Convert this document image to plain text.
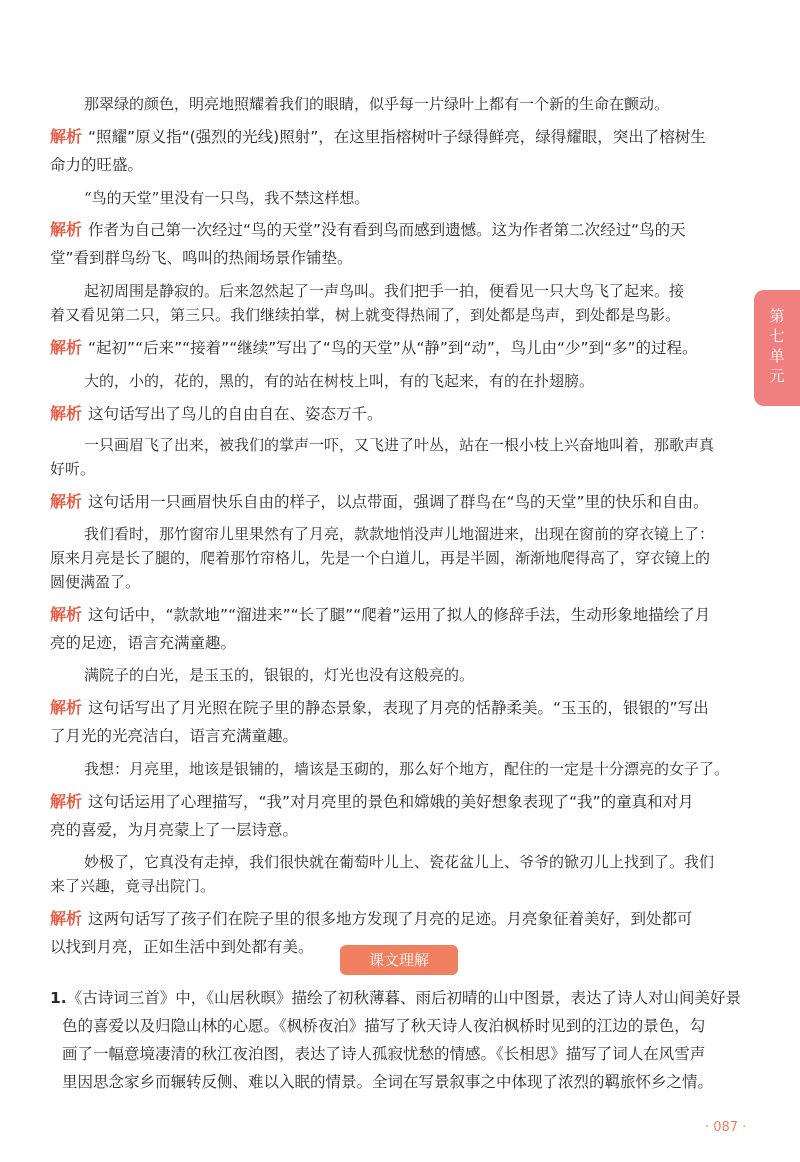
那翠绿的颜色，明亮地照耀着我们的眼睛，似乎每一片绿叶上都有一个新的生命在颤动。
解析 “照耀”原义指“(强烈的光线)照射”，在这里指榕树叶子绿得鲜亮，绿得耀眼，突出了榕树生
命力的旺盛。
“鸟的天堂”里没有一只鸟，我不禁这样想。
解析 作者为自己第一次经过“鸟的天堂”没有看到鸟而感到遗憾。这为作者第二次经过“鸟的天
堂”看到群鸟纷飞、鸣叫的热闹场景作铺垫。
起初周围是静寂的。后来忽然起了一声鸟叫。我们把手一拍，便看见一只大鸟飞了起来。接
着又看见第二只，第三只。我们继续拍掌，树上就变得热闹了，到处都是鸟声，到处都是鸟影。
解析 “起初”“后来”“接着”“继续”写出了“鸟的天堂”从“静”到“动”，鸟儿由“少”到“多”的过程。
大的，小的，花的，黑的，有的站在树枝上叫，有的飞起来，有的在扑翅膀。
解析 这句话写出了鸟儿的自由自在、姿态万千。
一只画眉飞了出来，被我们的掌声一吓，又飞进了叶丛，站在一根小枝上兴奋地叫着，那歌声真
好听。
解析 这句话用一只画眉快乐自由的样子，以点带面，强调了群鸟在“鸟的天堂”里的快乐和自由。
我们看时，那竹窗帘儿里果然有了月亮，款款地悄没声儿地溜进来，出现在窗前的穿衣镜上了：
原来月亮是长了腿的，爬着那竹帘格儿，先是一个白道儿，再是半圆，渐渐地爬得高了，穿衣镜上的
圆便满盈了。
解析 这句话中，“款款地”“溜进来”“长了腿”“爬着”运用了拟人的修辞手法，生动形象地描绘了月
亮的足迹，语言充满童趣。
满院子的白光，是玉玉的，银银的，灯光也没有这般亮的。
解析 这句话写出了月光照在院子里的静态景象，表现了月亮的恬静柔美。“玉玉的，银银的”写出
了月光的光亮洁白，语言充满童趣。
我想：月亮里，地该是银铺的，墙该是玉砌的，那么好个地方，配住的一定是十分漂亮的女子了。
解析 这句话运用了心理描写，“我”对月亮里的景色和嫦娥的美好想象表现了“我”的童真和对月
亮的喜爱，为月亮蒙上了一层诗意。
妙极了，它真没有走掉，我们很快就在葡萄叶儿上、瓷花盆儿上、爷爷的锨刃儿上找到了。我们
来了兴趣，竟寻出院门。
解析 这两句话写了孩子们在院子里的很多地方发现了月亮的足迹。月亮象征着美好，到处都可
以找到月亮，正如生活中到处都有美。
课文理解
1.《古诗词三首》中，《山居秋暝》描绘了初秋薄暮、雨后初晴的山中图景，表达了诗人对山间美好景
色的喜爱以及归隐山林的心愿。《枫桥夜泊》描写了秋天诗人夜泊枫桥时见到的江边的景色，勾
画了一幅意境凄清的秋江夜泊图，表达了诗人孤寂忧愁的情感。《长相思》描写了词人在风雪声
里因思念家乡而辗转反侧、难以入眠的情景。全词在写景叙事之中体现了浓烈的羁旅怀乡之情。
第
七
单
元
· 087 ·
